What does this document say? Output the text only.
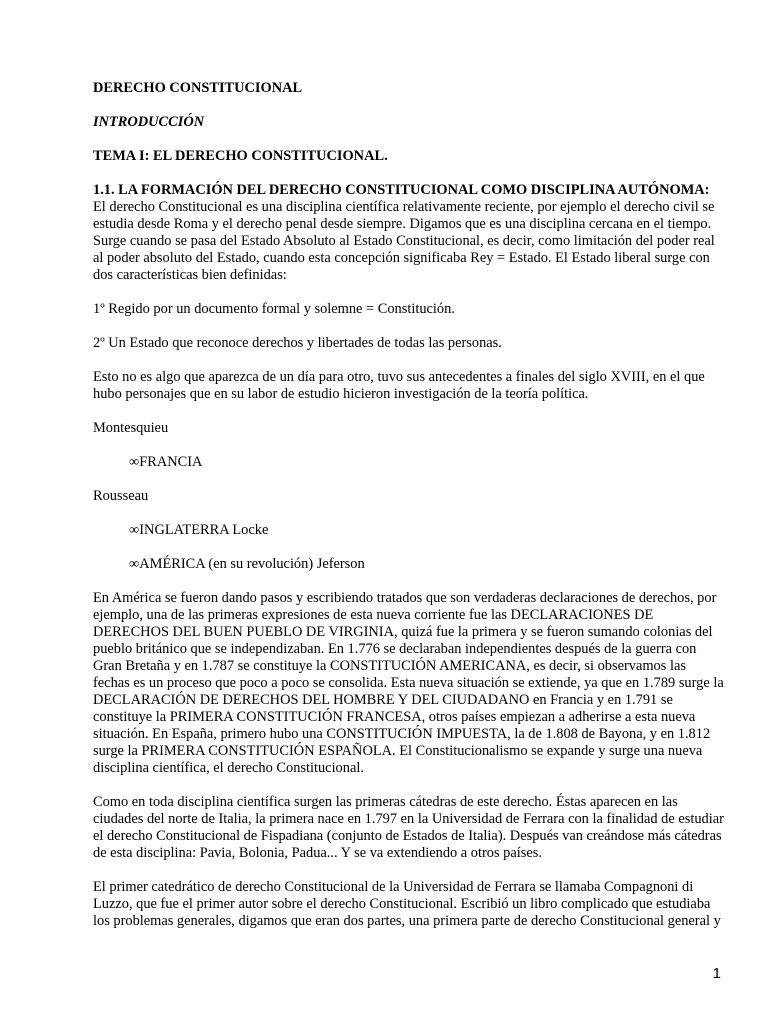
DERECHO CONSTITUCIONAL

INTRODUCCIÓN

TEMA I: EL DERECHO CONSTITUCIONAL.

1.1. LA FORMACIÓN DEL DERECHO CONSTITUCIONAL COMO DISCIPLINA AUTÓNOMA: El derecho Constitucional es una disciplina científica relativamente reciente, por ejemplo el derecho civil se estudia desde Roma y el derecho penal desde siempre. Digamos que es una disciplina cercana en el tiempo. Surge cuando se pasa del Estado Absoluto al Estado Constitucional, es decir, como limitación del poder real al poder absoluto del Estado, cuando esta concepción significaba Rey = Estado. El Estado liberal surge con dos características bien definidas:

1º Regido por un documento formal y solemne = Constitución.

2º Un Estado que reconoce derechos y libertades de todas las personas.

Esto no es algo que aparezca de un día para otro, tuvo sus antecedentes a finales del siglo XVIII, en el que hubo personajes que en su labor de estudio hicieron investigación de la teoría política.

Montesquieu

∞FRANCIA

Rousseau

∞INGLATERRA Locke

∞AMÉRICA (en su revolución) Jeferson

En América se fueron dando pasos y escribiendo tratados que son verdaderas declaraciones de derechos, por ejemplo, una de las primeras expresiones de esta nueva corriente fue las DECLARACIONES DE DERECHOS DEL BUEN PUEBLO DE VIRGINIA, quizá fue la primera y se fueron sumando colonias del pueblo británico que se independizaban. En 1.776 se declaraban independientes después de la guerra con Gran Bretaña y en 1.787 se constituye la CONSTITUCIÓN AMERICANA, es decir, si observamos las fechas es un proceso que poco a poco se consolida. Esta nueva situación se extiende, ya que en 1.789 surge la DECLARACIÓN DE DERECHOS DEL HOMBRE Y DEL CIUDADANO en Francia y en 1.791 se constituye la PRIMERA CONSTITUCIÓN FRANCESA, otros países empiezan a adherirse a esta nueva situación. En España, primero hubo una CONSTITUCIÓN IMPUESTA, la de 1.808 de Bayona, y en 1.812 surge la PRIMERA CONSTITUCIÓN ESPAÑOLA. El Constitucionalismo se expande y surge una nueva disciplina científica, el derecho Constitucional.

Como en toda disciplina científica surgen las primeras cátedras de este derecho. Éstas aparecen en las ciudades del norte de Italia, la primera nace en 1.797 en la Universidad de Ferrara con la finalidad de estudiar el derecho Constitucional de Fispadiana (conjunto de Estados de Italia). Después van creándose más cátedras de esta disciplina: Pavia, Bolonia, Padua... Y se va extendiendo a otros países.

El primer catedrático de derecho Constitucional de la Universidad de Ferrara se llamaba Compagnoni di Luzzo, que fue el primer autor sobre el derecho Constitucional. Escribió un libro complicado que estudiaba los problemas generales, digamos que eran dos partes, una primera parte de derecho Constitucional general y

1
